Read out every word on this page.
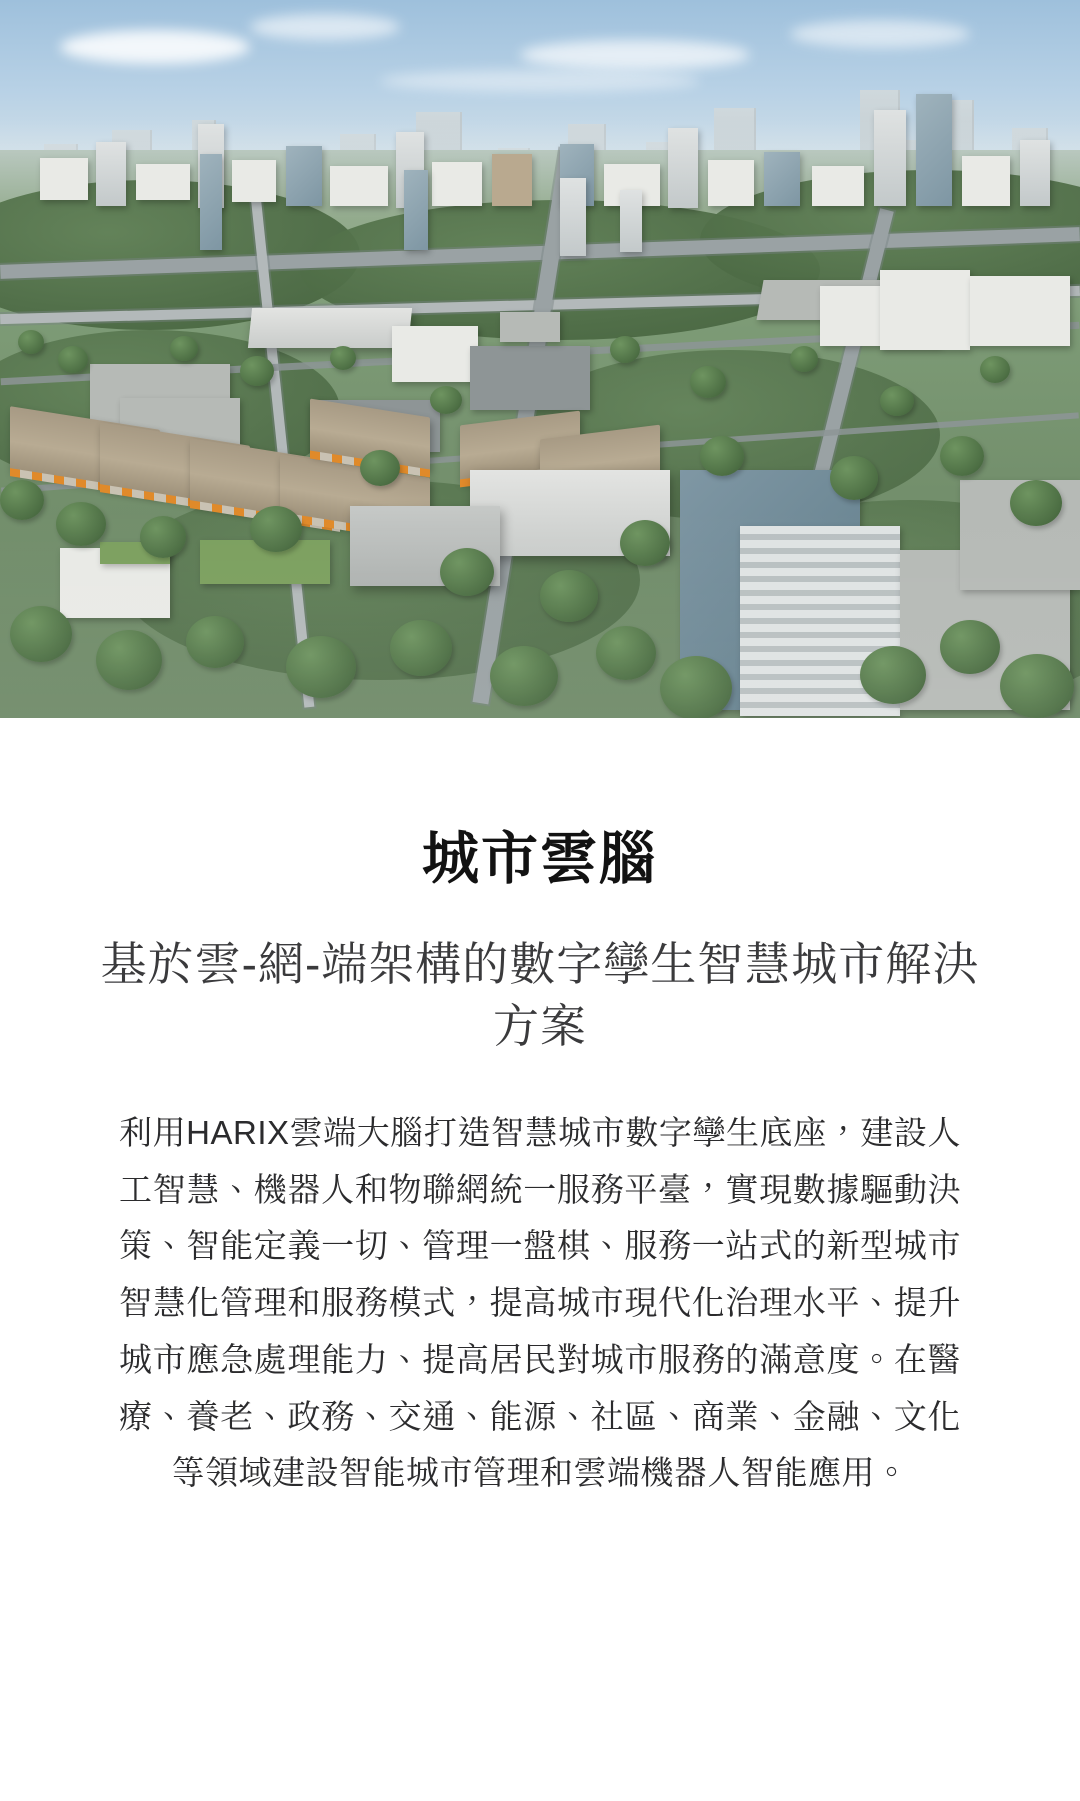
城市雲腦
基於雲-網-端架構的數字孿生智慧城市解決方案

利用HARIX雲端大腦打造智慧城市數字孿生底座，建設人工智慧、機器人和物聯網統一服務平臺，實現數據驅動決策、智能定義一切、管理一盤棋、服務一站式的新型城市智慧化管理和服務模式，提高城市現代化治理水平、提升城市應急處理能力、提高居民對城市服務的滿意度。在醫療、養老、政務、交通、能源、社區、商業、金融、文化等領域建設智能城市管理和雲端機器人智能應用。
